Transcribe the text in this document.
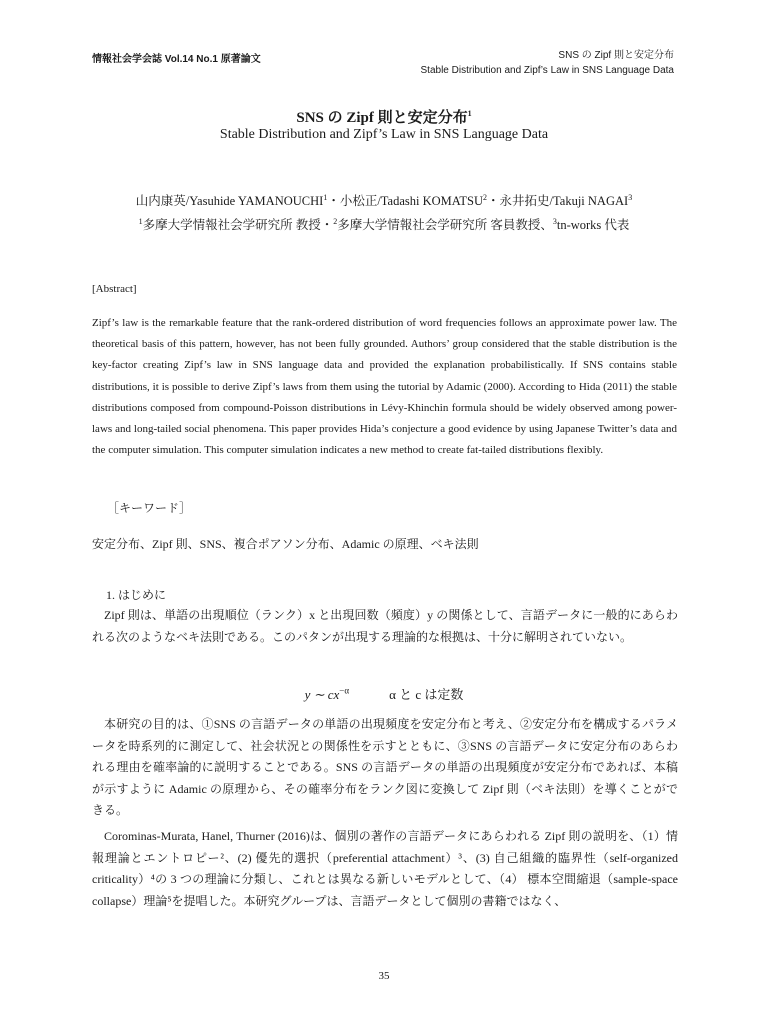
情報社会学会誌 Vol.14 No.1 原著論文	SNS の Zipf 則と安定分布
Stable Distribution and Zipf’s Law in SNS Language Data
SNS の Zipf 則と安定分布$^1$
Stable Distribution and Zipf’s Law in SNS Language Data
山内康英/Yasuhide YAMANOUCHI$^1$・小松正/Tadashi KOMATSU$^2$・永井拓史/Takuji NAGAI$^3$
$^1$多摩大学情報社会学研究所 教授・$^2$多摩大学情報社会学研究所 客員教授、$^3$tn-works 代表
[Abstract]
Zipf’s law is the remarkable feature that the rank-ordered distribution of word frequencies follows an approximate power law. The theoretical basis of this pattern, however, has not been fully grounded. Authors’ group considered that the stable distribution is the key-factor creating Zipf’s law in SNS language data and provided the explanation probabilistically. If SNS contains stable distributions, it is possible to derive Zipf’s laws from them using the tutorial by Adamic (2000). According to Hida (2011) the stable distributions composed from compound-Poisson distributions in Lévy-Khinchin formula should be widely observed among power-laws and long-tailed social phenomena. This paper provides Hida’s conjecture a good evidence by using Japanese Twitter’s data and the computer simulation. This computer simulation indicates a new method to create fat-tailed distributions flexibly.
［キーワード］
安定分布、Zipf 則、SNS、複合ポアソン分布、Adamic の原理、ベキ法則
1. はじめに
Zipf 則は、単語の出現順位（ランク）x と出現回数（頻度）y の関係として、言語データに一般的にあらわれる次のようなベキ法則である。このパタンが出現する理論的な根拠は、十分に解明されていない。
y ∼ $cx^{-\alpha}$	α と c は定数
本研究の目的は、①SNS の言語データの単語の出現頻度を安定分布と考え、②安定分布を構成するパラメータを時系列的に測定して、社会状況との関係性を示すとともに、③SNS の言語データに安定分布のあらわれる理由を確率論的に説明することである。SNS の言語データの単語の出現頻度が安定分布であれば、本稿が示すように Adamic の原理から、その確率分布をランク図に変換して Zipf 則（ベキ法則）を導くことができる。
Corominas-Murata, Hanel, Thurner (2016)は、個別の著作の言語データにあらわれる Zipf 則の説明を、（1）情報理論とエントロピー²、(2) 優先的選択（preferential attachment）³、(3) 自己組織的臨界性（self-organized criticality）⁴の 3 つの理論に分類し、これとは異なる新しいモデルとして、（4） 標本空間縮退（sample-space collapse）理論⁵を提唱した。本研究グループは、言語データとして個別の書籍ではなく、
35
